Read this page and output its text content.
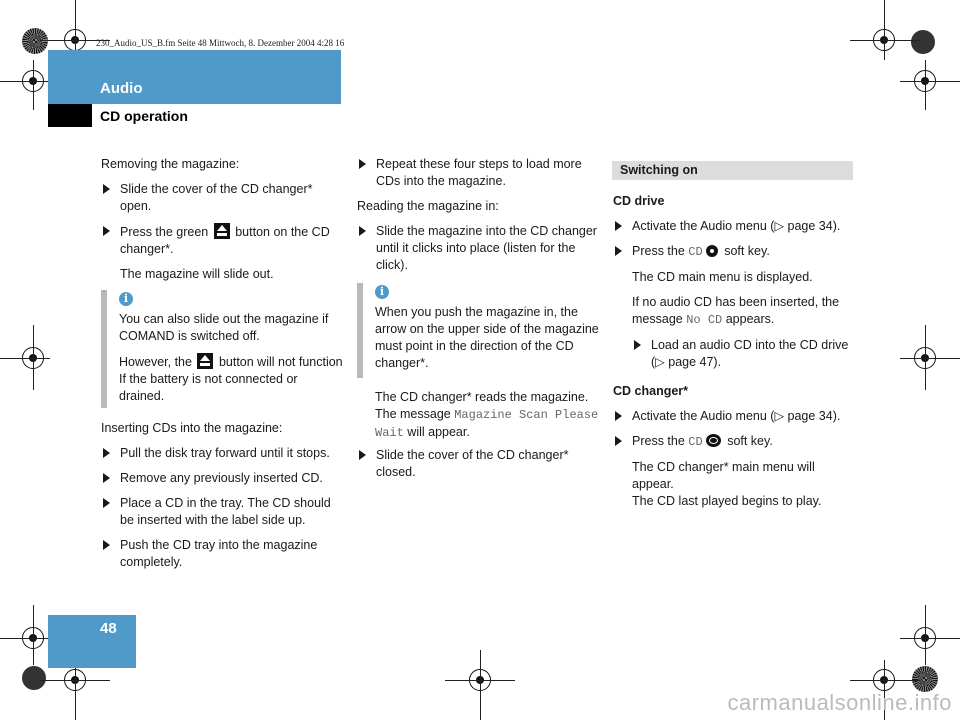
230_Audio_US_B.fm Seite 48 Mittwoch, 8. Dezember 2004 4:28 16
Audio
CD operation

Removing the magazine:

Slide the cover of the CD changer* open.
Press the green button on the CD changer*.
The magazine will slide out.
i

You can also slide out the magazine if COMAND is switched off.

However, the button will not function If the battery is not connected or drained.

Inserting CDs into the magazine:

Pull the disk tray forward until it stops.
Remove any previously inserted CD.
Place a CD in the tray. The CD should be inserted with the label side up.
Push the CD tray into the magazine completely.
Repeat these four steps to load more CDs into the magazine.

Reading the magazine in:

Slide the magazine into the CD changer until it clicks into place (listen for the click).
i

When you push the magazine in, the arrow on the upper side of the magazine must point in the direction of the CD changer*.

The CD changer* reads the magazine. The message Magazine Scan Please Wait will appear.

Slide the cover of the CD changer* closed.
Switching on

CD drive

Activate the Audio menu (▷ page 34).
Press the CD soft key.
The CD main menu is displayed.
If no audio CD has been inserted, the message No CD appears.
Load an audio CD into the CD drive (▷ page 47).

CD changer*

Activate the Audio menu (▷ page 34).
Press the CD soft key.
The CD changer* main menu will appear.
The CD last played begins to play.
48
carmanualsonline.info
